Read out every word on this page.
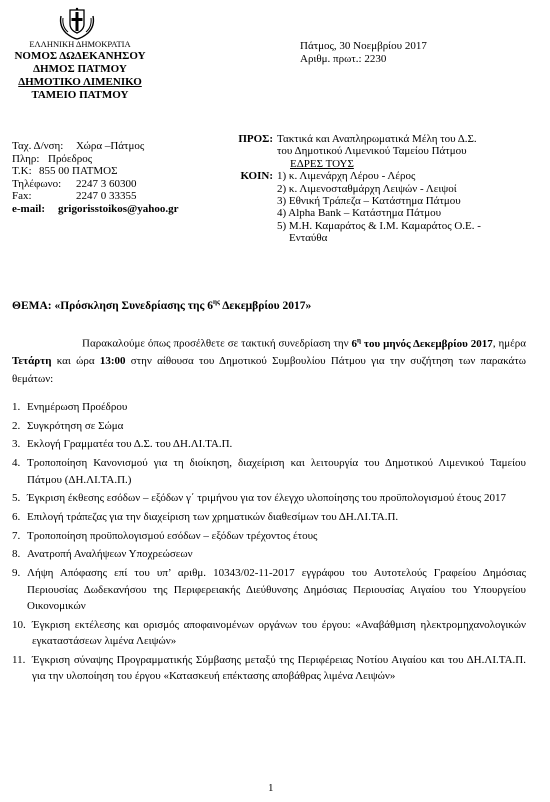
ΕΛΛΗΝΙΚΗ ΔΗΜΟΚΡΑΤΙΑ
ΝΟΜΟΣ ΔΩΔΕΚΑΝΗΣΟΥ
ΔΗΜΟΣ ΠΑΤΜΟΥ
ΔΗΜΟΤΙΚΟ ΛΙΜΕΝΙΚΟ
ΤΑΜΕΙΟ ΠΑΤΜΟΥ
Πάτμος, 30 Νοεμβρίου 2017
Αριθμ. πρωτ.: 2230
Ταχ. Δ/νση:	Χώρα –Πάτμος
Πληρ: Πρόεδρος
Τ.Κ: 855 00 ΠΑΤΜΟΣ
Τηλέφωνο:	2247 3 60300
Fax:	2247 0 33355
e-mail:	grigorisstoikos@yahoo.gr
ΠΡΟΣ: Τακτικά και Αναπληρωματικά Μέλη του Δ.Σ.
του Δημοτικού Λιμενικού Ταμείου Πάτμου
ΕΔΡΕΣ ΤΟΥΣ
ΚΟΙΝ: 1) κ. Λιμενάρχη Λέρου - Λέρος
2) κ. Λιμενοσταθμάρχη Λειψών - Λειψοί
3) Εθνική Τράπεζα – Κατάστημα Πάτμου
4) Alpha Bank – Κατάστημα Πάτμου
5) Μ.Η. Καμαράτος & Ι.Μ. Καμαράτος Ο.Ε. -
Ενταύθα
ΘΕΜΑ: «Πρόσκληση Συνεδρίασης της $6^{\eta\varsigma}$ Δεκεμβρίου 2017»
Παρακαλούμε όπως προσέλθετε σε τακτική συνεδρίαση την $6^\eta$ του μηνός Δεκεμβρίου 2017, ημέρα Τετάρτη και ώρα 13:00 στην αίθουσα του Δημοτικού Συμβουλίου Πάτμου για την συζήτηση των παρακάτω θεμάτων:
1. Ενημέρωση Προέδρου
2. Συγκρότηση σε Σώμα
3. Εκλογή Γραμματέα του Δ.Σ. του ΔΗ.ΛΙ.ΤΑ.Π.
4. Τροποποίηση Κανονισμού για τη διοίκηση, διαχείριση και λειτουργία του Δημοτικού Λιμενικού Ταμείου Πάτμου (ΔΗ.ΛΙ.ΤΑ.Π.)
5. Έγκριση έκθεσης εσόδων – εξόδων γ΄ τριμήνου για τον έλεγχο υλοποίησης του προϋπολογισμού έτους 2017
6. Επιλογή τράπεζας για την διαχείριση των χρηματικών διαθεσίμων του ΔΗ.ΛΙ.ΤΑ.Π.
7. Τροποποίηση προϋπολογισμού εσόδων – εξόδων τρέχοντος έτους
8. Ανατροπή Αναλήψεων Υποχρεώσεων
9. Λήψη Απόφασης επί του υπ’ αριθμ. 10343/02-11-2017 εγγράφου του Αυτοτελούς Γραφείου Δημόσιας Περιουσίας Δωδεκανήσου της Περιφερειακής Διεύθυνσης Δημόσιας Περιουσίας Αιγαίου του Υπουργείου Οικονομικών
10. Έγκριση εκτέλεσης και ορισμός αποφαινομένων οργάνων του έργου: «Αναβάθμιση ηλεκτρομηχανολογικών εγκαταστάσεων λιμένα Λειψών»
11. Έγκριση σύναψης Προγραμματικής Σύμβασης μεταξύ της Περιφέρειας Νοτίου Αιγαίου και του ΔΗ.ΛΙ.ΤΑ.Π. για την υλοποίηση του έργου «Κατασκευή επέκτασης αποβάθρας λιμένα Λειψών»
1
